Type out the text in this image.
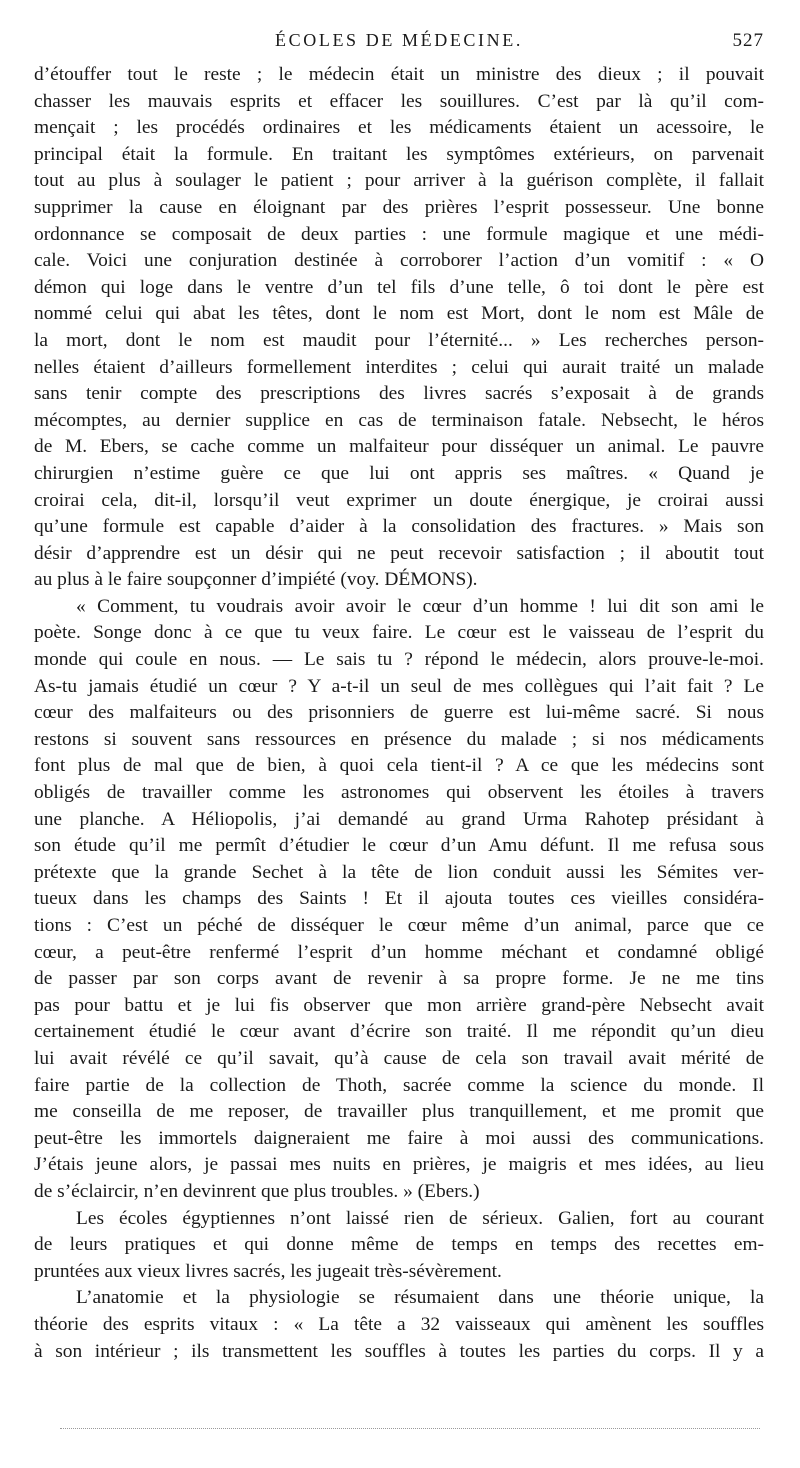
ÉCOLES DE MÉDECINE.	527
d’étouffer tout le reste ; le médecin était un ministre des dieux ; il pouvait
chasser les mauvais esprits et effacer les souillures. C’est par là qu’il com-
mençait ; les procédés ordinaires et les médicaments étaient un acessoire, le
principal était la formule. En traitant les symptômes extérieurs, on parvenait
tout au plus à soulager le patient ; pour arriver à la guérison complète, il fallait
supprimer la cause en éloignant par des prières l’esprit possesseur. Une bonne
ordonnance se composait de deux parties : une formule magique et une médi-
cale. Voici une conjuration destinée à corroborer l’action d’un vomitif : « O
démon qui loge dans le ventre d’un tel fils d’une telle, ô toi dont le père est
nommé celui qui abat les têtes, dont le nom est Mort, dont le nom est Mâle de
la mort, dont le nom est maudit pour l’éternité... » Les recherches person-
nelles étaient d’ailleurs formellement interdites ; celui qui aurait traité un malade
sans tenir compte des prescriptions des livres sacrés s’exposait à de grands
mécomptes, au dernier supplice en cas de terminaison fatale. Nebsecht, le héros
de M. Ebers, se cache comme un malfaiteur pour disséquer un animal. Le pauvre
chirurgien n’estime guère ce que lui ont appris ses maîtres. « Quand je
croirai cela, dit-il, lorsqu’il veut exprimer un doute énergique, je croirai aussi
qu’une formule est capable d’aider à la consolidation des fractures. » Mais son
désir d’apprendre est un désir qui ne peut recevoir satisfaction ; il aboutit tout
au plus à le faire soupçonner d’impiété (voy. DÉMONS).
« Comment, tu voudrais avoir avoir le cœur d’un homme ! lui dit son ami le
poète. Songe donc à ce que tu veux faire. Le cœur est le vaisseau de l’esprit du
monde qui coule en nous. — Le sais tu ? répond le médecin, alors prouve-le-moi.
As-tu jamais étudié un cœur ? Y a-t-il un seul de mes collègues qui l’ait fait ? Le
cœur des malfaiteurs ou des prisonniers de guerre est lui-même sacré. Si nous
restons si souvent sans ressources en présence du malade ; si nos médicaments
font plus de mal que de bien, à quoi cela tient-il ? A ce que les médecins sont
obligés de travailler comme les astronomes qui observent les étoiles à travers
une planche. A Héliopolis, j’ai demandé au grand Urma Rahotep présidant à
son étude qu’il me permît d’étudier le cœur d’un Amu défunt. Il me refusa sous
prétexte que la grande Sechet à la tête de lion conduit aussi les Sémites ver-
tueux dans les champs des Saints ! Et il ajouta toutes ces vieilles considéra-
tions : C’est un péché de disséquer le cœur même d’un animal, parce que ce
cœur, a peut-être renfermé l’esprit d’un homme méchant et condamné obligé
de passer par son corps avant de revenir à sa propre forme. Je ne me tins
pas pour battu et je lui fis observer que mon arrière grand-père Nebsecht avait
certainement étudié le cœur avant d’écrire son traité. Il me répondit qu’un dieu
lui avait révélé ce qu’il savait, qu’à cause de cela son travail avait mérité de
faire partie de la collection de Thoth, sacrée comme la science du monde. Il
me conseilla de me reposer, de travailler plus tranquillement, et me promit que
peut-être les immortels daigneraient me faire à moi aussi des communications.
J’étais jeune alors, je passai mes nuits en prières, je maigris et mes idées, au lieu
de s’éclaircir, n’en devinrent que plus troubles. » (Ebers.)
Les écoles égyptiennes n’ont laissé rien de sérieux. Galien, fort au courant
de leurs pratiques et qui donne même de temps en temps des recettes em-
pruntées aux vieux livres sacrés, les jugeait très-sévèrement.
L’anatomie et la physiologie se résumaient dans une théorie unique, la
théorie des esprits vitaux : « La tête a 32 vaisseaux qui amènent les souffles
à son intérieur ; ils transmettent les souffles à toutes les parties du corps. Il y a
